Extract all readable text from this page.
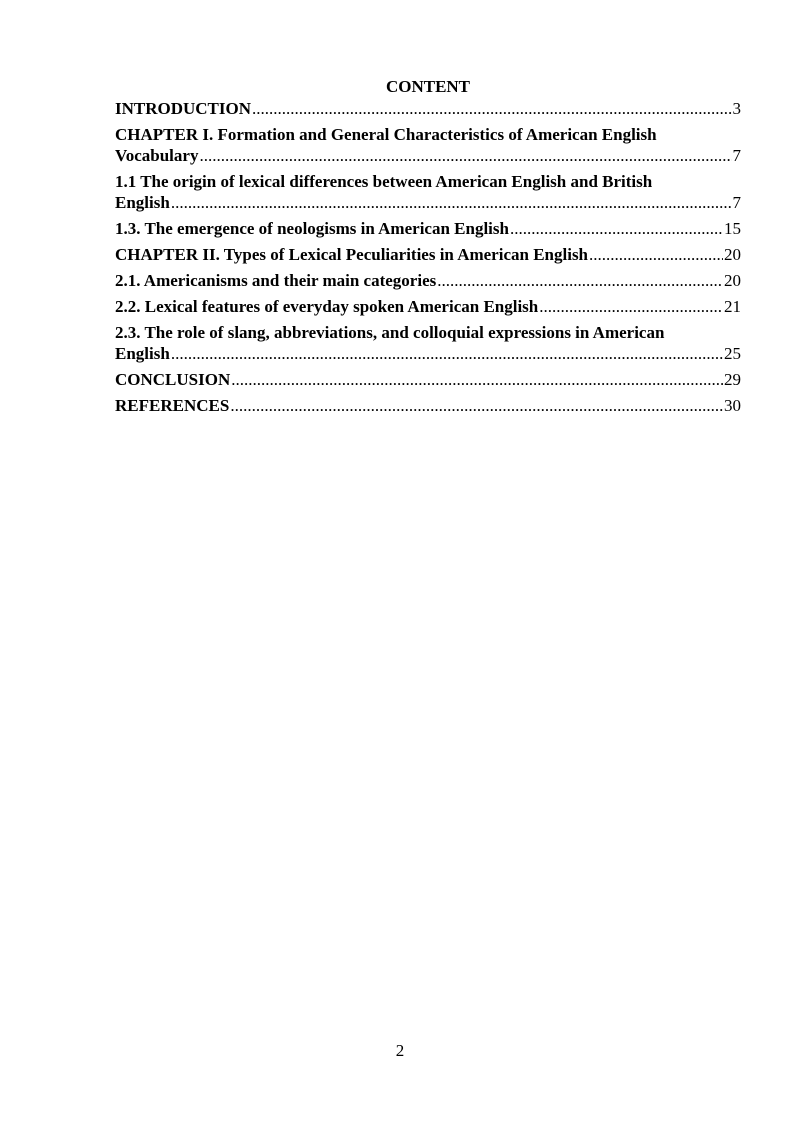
CONTENT
INTRODUCTION .....	3
CHAPTER I. Formation and General Characteristics of American English
Vocabulary .....	7
1.1 The origin of lexical differences between American English and British
English .....	7
1.3. The emergence of neologisms in American English .....	15
CHAPTER II. Types of Lexical Peculiarities in American English .....	20
2.1. Americanisms and their main categories .....	20
2.2. Lexical features of everyday spoken American English .....	21
2.3. The role of slang, abbreviations, and colloquial expressions in American
English .....	25
CONCLUSION .....	29
REFERENCES .....	30
2
